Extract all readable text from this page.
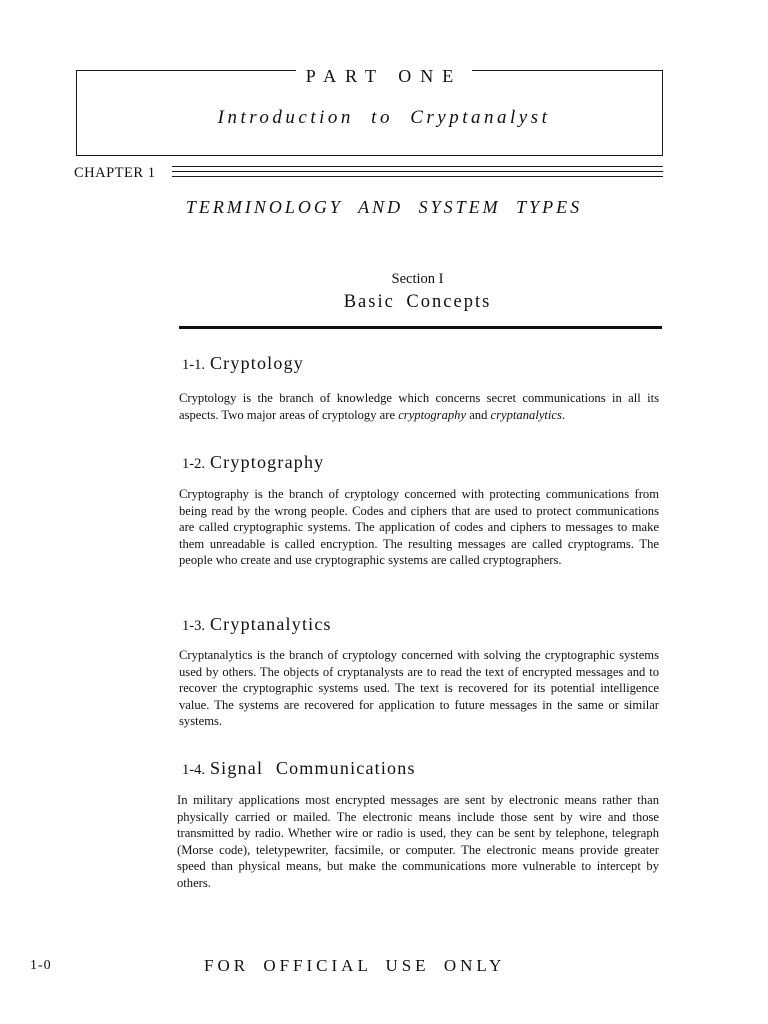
PART ONE
Introduction to Cryptanalyst
CHAPTER 1
TERMINOLOGY AND SYSTEM TYPES
Section I
Basic Concepts
1-1. Cryptology
Cryptology is the branch of knowledge which concerns secret communications in all its aspects. Two major areas of cryptology are cryptography and cryptanalytics.
1-2. Cryptography
Cryptography is the branch of cryptology concerned with protecting communications from being read by the wrong people. Codes and ciphers that are used to protect communications are called cryptographic systems. The application of codes and ciphers to messages to make them unreadable is called encryption. The resulting messages are called cryptograms. The people who create and use cryptographic systems are called cryptographers.
1-3. Cryptanalytics
Cryptanalytics is the branch of cryptology concerned with solving the cryptographic systems used by others. The objects of cryptanalysts are to read the text of encrypted messages and to recover the cryptographic systems used. The text is recovered for its potential intelligence value. The systems are recovered for application to future messages in the same or similar systems.
1-4. Signal Communications
In military applications most encrypted messages are sent by electronic means rather than physically carried or mailed. The electronic means include those sent by wire and those transmitted by radio. Whether wire or radio is used, they can be sent by telephone, telegraph (Morse code), teletypewriter, facsimile, or computer. The electronic means provide greater speed than physical means, but make the communications more vulnerable to intercept by others.
1-0	FOR OFFICIAL USE ONLY
